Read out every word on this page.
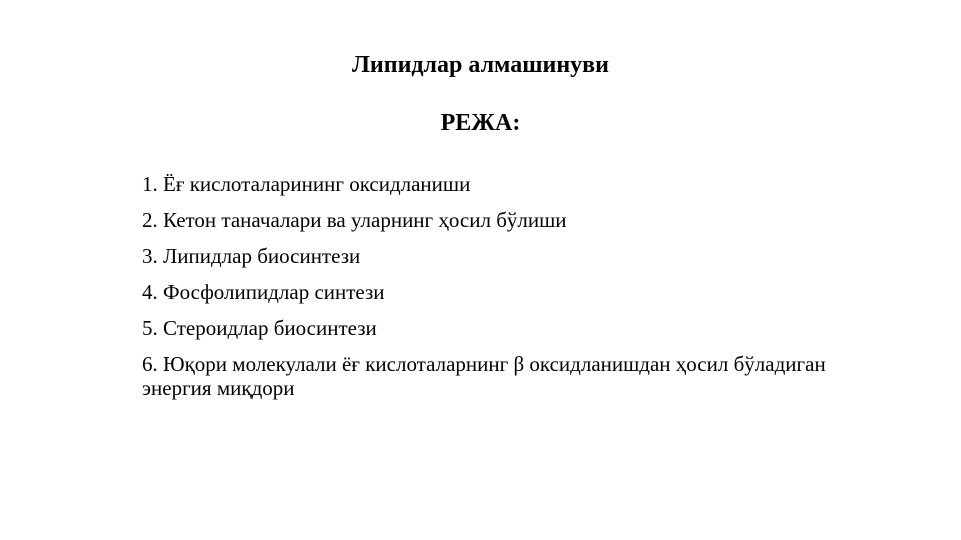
Липидлар алмашинуви
РЕЖА:
1. Ёғ кислоталарининг оксидланиши
2. Кетон таначалари ва уларнинг ҳосил бўлиши
3. Липидлар биосинтези
4. Фосфолипидлар синтези
5. Стероидлар биосинтези
6. Юқори молекулали ёғ кислоталарнинг β оксидланишдан ҳосил бўладиган энергия миқдори
